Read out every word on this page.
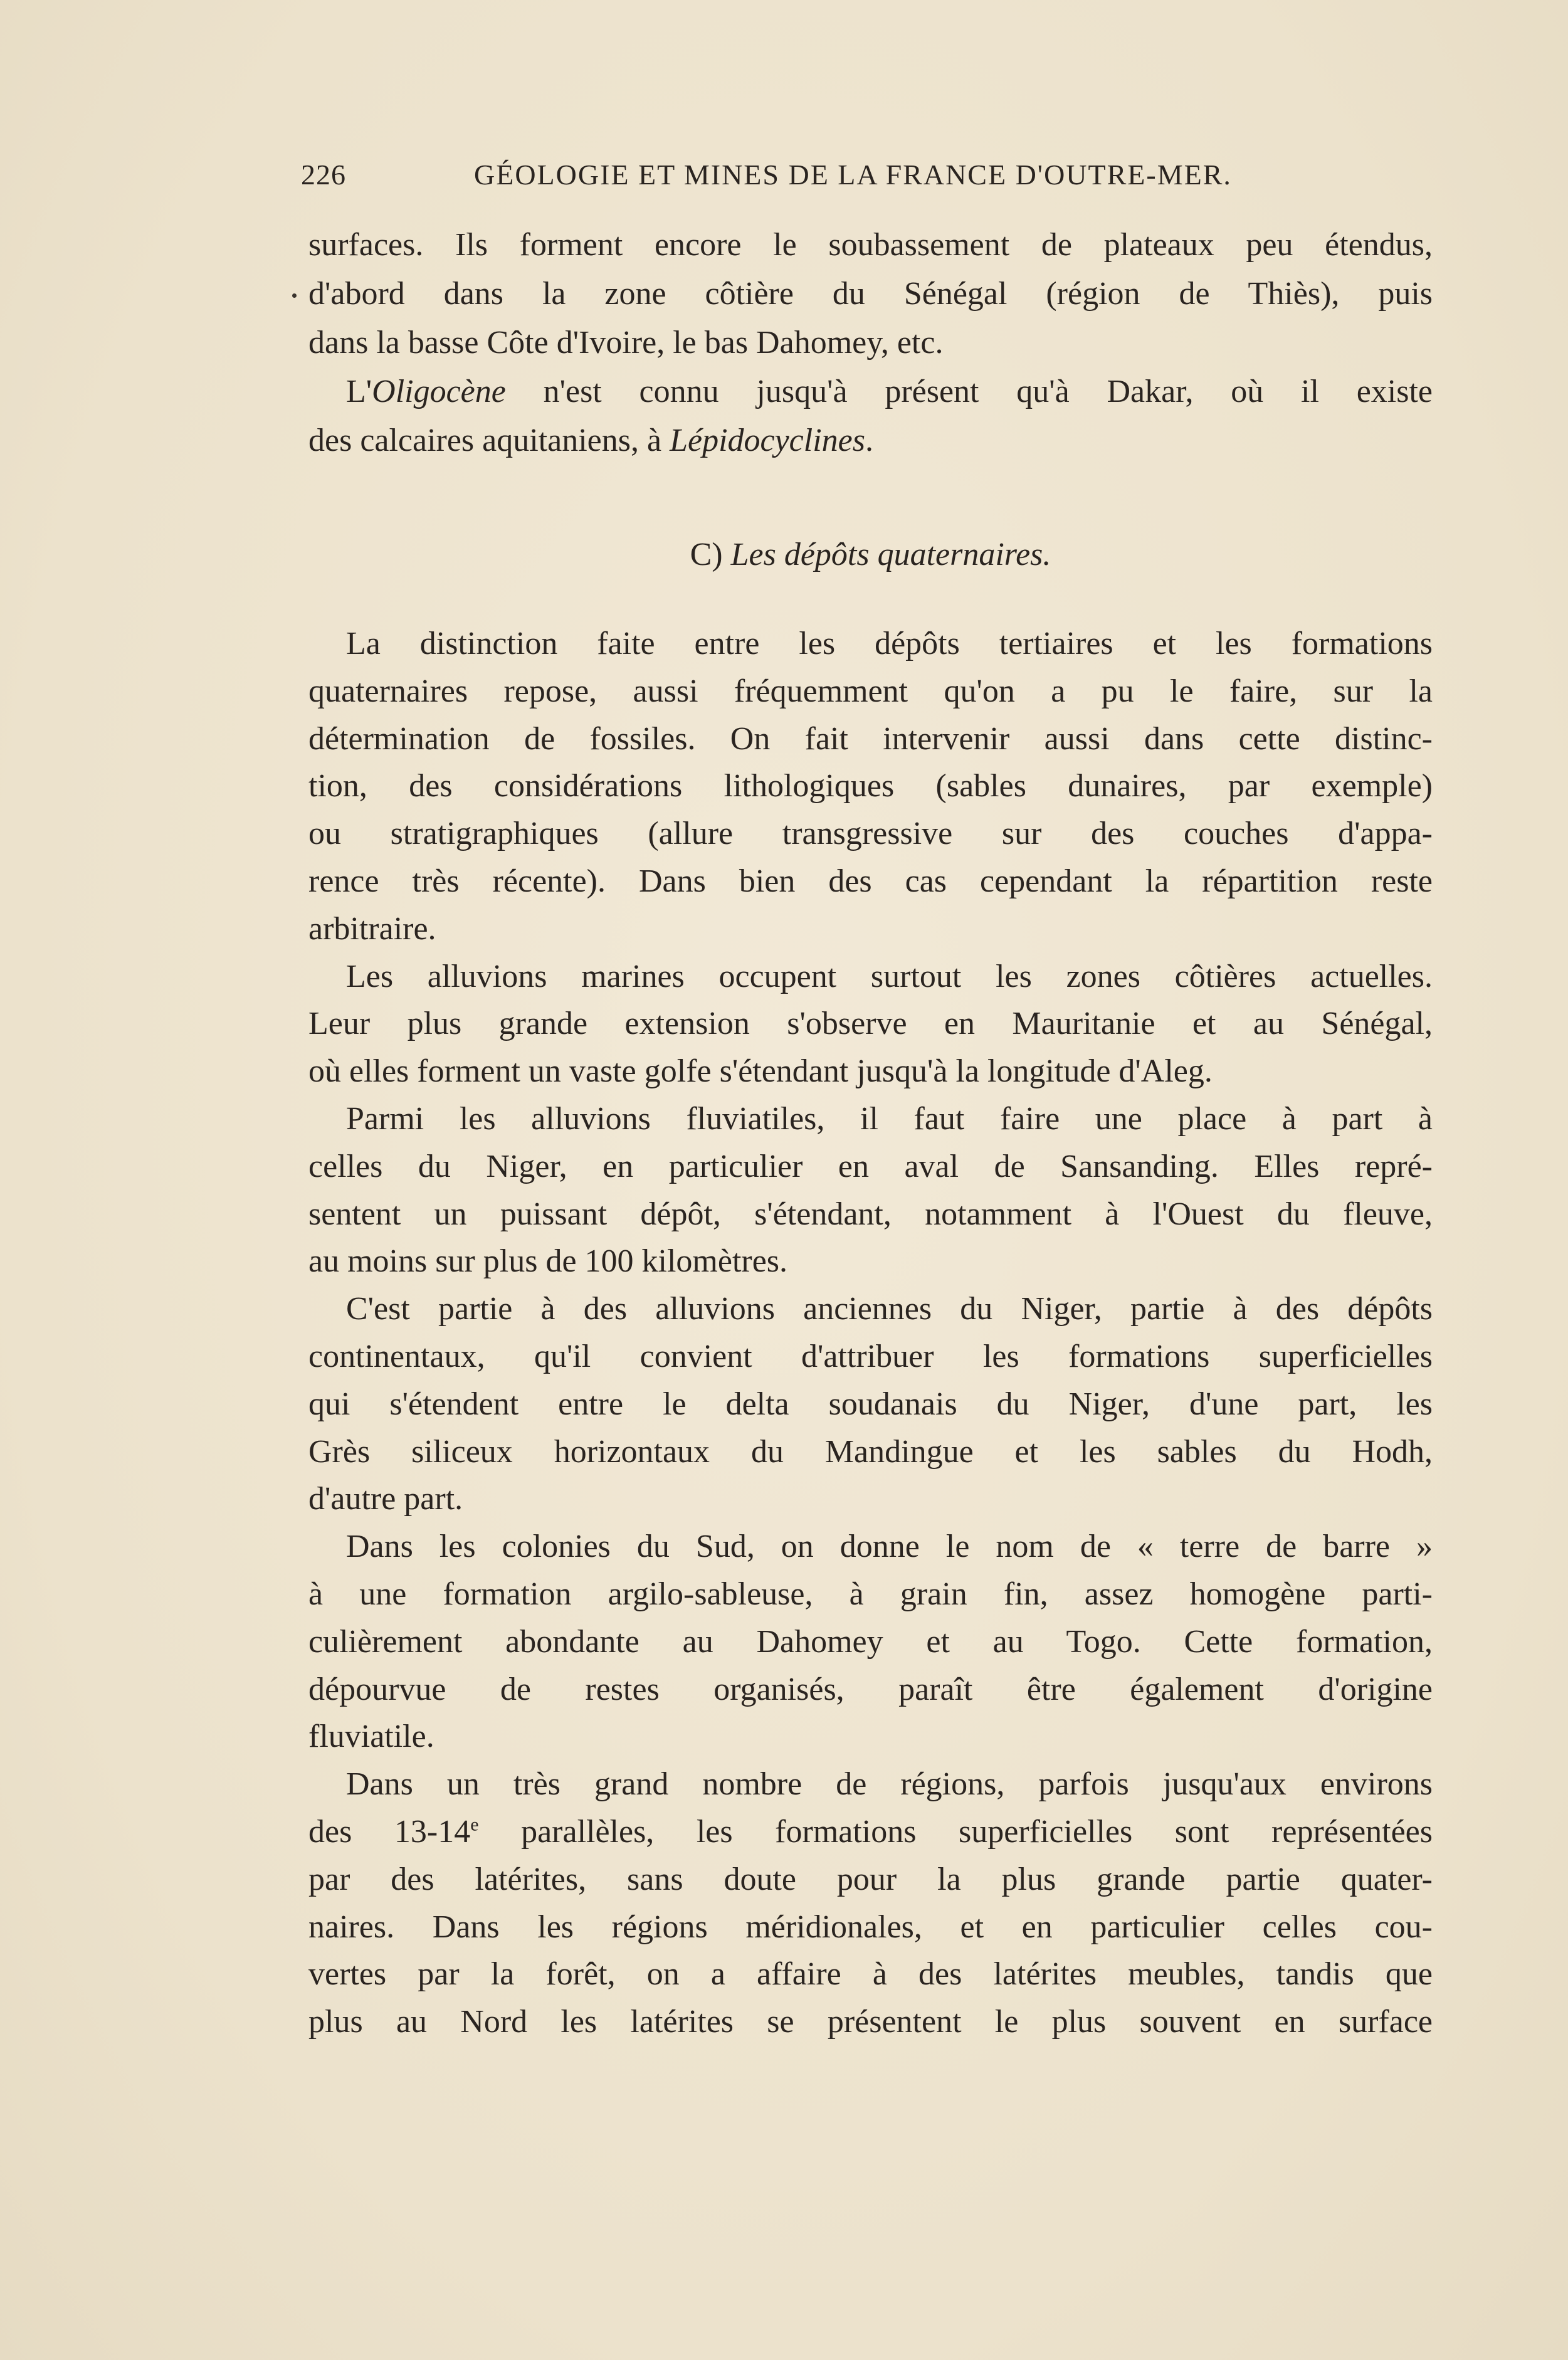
226	GÉOLOGIE ET MINES DE LA FRANCE D'OUTRE-MER.
surfaces. Ils forment encore le soubassement de plateaux peu étendus,
d'abord dans la zone côtière du Sénégal (région de Thiès), puis
dans la basse Côte d'Ivoire, le bas Dahomey, etc.
L'Oligocène n'est connu jusqu'à présent qu'à Dakar, où il existe
des calcaires aquitaniens, à Lépidocyclines.
C) Les dépôts quaternaires.
La distinction faite entre les dépôts tertiaires et les formations
quaternaires repose, aussi fréquemment qu'on a pu le faire, sur la
détermination de fossiles. On fait intervenir aussi dans cette distinc-
tion, des considérations lithologiques (sables dunaires, par exemple)
ou stratigraphiques (allure transgressive sur des couches d'appa-
rence très récente). Dans bien des cas cependant la répartition reste
arbitraire.
Les alluvions marines occupent surtout les zones côtières actuelles.
Leur plus grande extension s'observe en Mauritanie et au Sénégal,
où elles forment un vaste golfe s'étendant jusqu'à la longitude d'Aleg.
Parmi les alluvions fluviatiles, il faut faire une place à part à
celles du Niger, en particulier en aval de Sansanding. Elles repré-
sentent un puissant dépôt, s'étendant, notamment à l'Ouest du fleuve,
au moins sur plus de 100 kilomètres.
C'est partie à des alluvions anciennes du Niger, partie à des dépôts
continentaux, qu'il convient d'attribuer les formations superficielles
qui s'étendent entre le delta soudanais du Niger, d'une part, les
Grès siliceux horizontaux du Mandingue et les sables du Hodh,
d'autre part.
Dans les colonies du Sud, on donne le nom de « terre de barre »
à une formation argilo-sableuse, à grain fin, assez homogène parti-
culièrement abondante au Dahomey et au Togo. Cette formation,
dépourvue de restes organisés, paraît être également d'origine
fluviatile.
Dans un très grand nombre de régions, parfois jusqu'aux environs
des 13-14e parallèles, les formations superficielles sont représentées
par des latérites, sans doute pour la plus grande partie quater-
naires. Dans les régions méridionales, et en particulier celles cou-
vertes par la forêt, on a affaire à des latérites meubles, tandis que
plus au Nord les latérites se présentent le plus souvent en surface
